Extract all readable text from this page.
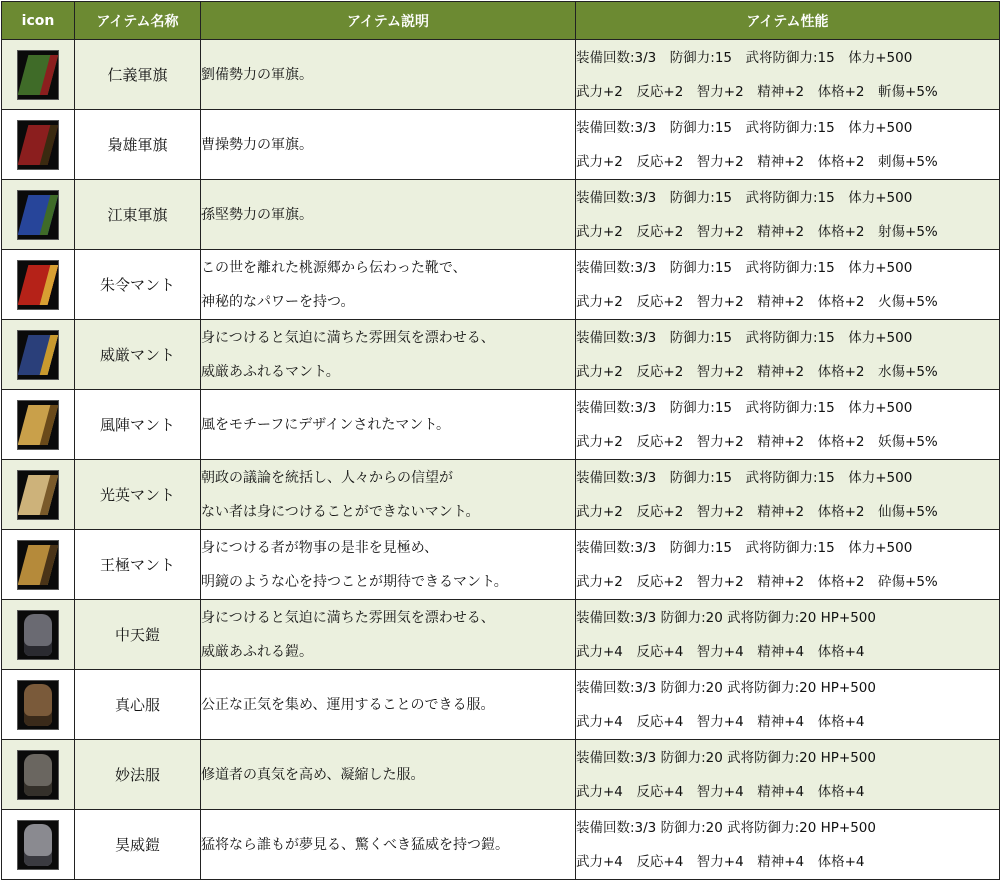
icon	アイテム名称	アイテム説明	アイテム性能
	仁義軍旗	劉備勢力の軍旗。	装備回数:3/3　防御力:15　武将防御力:15　体力+500
武力+2　反応+2　智力+2　精神+2　体格+2　斬傷+5%

	梟雄軍旗	曹操勢力の軍旗。	装備回数:3/3　防御力:15　武将防御力:15　体力+500
武力+2　反応+2　智力+2　精神+2　体格+2　刺傷+5%

	江東軍旗	孫堅勢力の軍旗。	装備回数:3/3　防御力:15　武将防御力:15　体力+500
武力+2　反応+2　智力+2　精神+2　体格+2　射傷+5%

	朱令マント	この世を離れた桃源郷から伝わった靴で、
神秘的なパワーを持つ。	装備回数:3/3　防御力:15　武将防御力:15　体力+500
武力+2　反応+2　智力+2　精神+2　体格+2　火傷+5%

	威厳マント	身につけると気迫に満ちた雰囲気を漂わせる、
威厳あふれるマント。	装備回数:3/3　防御力:15　武将防御力:15　体力+500
武力+2　反応+2　智力+2　精神+2　体格+2　水傷+5%

	風陣マント	風をモチーフにデザインされたマント。	装備回数:3/3　防御力:15　武将防御力:15　体力+500
武力+2　反応+2　智力+2　精神+2　体格+2　妖傷+5%

	光英マント	朝政の議論を統括し、人々からの信望が
ない者は身につけることができないマント。	装備回数:3/3　防御力:15　武将防御力:15　体力+500
武力+2　反応+2　智力+2　精神+2　体格+2　仙傷+5%

	王極マント	身につける者が物事の是非を見極め、
明鏡のような心を持つことが期待できるマント。	装備回数:3/3　防御力:15　武将防御力:15　体力+500
武力+2　反応+2　智力+2　精神+2　体格+2　砕傷+5%

	中天鎧	身につけると気迫に満ちた雰囲気を漂わせる、
威厳あふれる鎧。	装備回数:3/3 防御力:20 武将防御力:20 HP+500
武力+4　反応+4　智力+4　精神+4　体格+4

	真心服	公正な正気を集め、運用することのできる服。	装備回数:3/3 防御力:20 武将防御力:20 HP+500
武力+4　反応+4　智力+4　精神+4　体格+4

	妙法服	修道者の真気を高め、凝縮した服。	装備回数:3/3 防御力:20 武将防御力:20 HP+500
武力+4　反応+4　智力+4　精神+4　体格+4

	昊威鎧	猛将なら誰もが夢見る、驚くべき猛威を持つ鎧。	装備回数:3/3 防御力:20 武将防御力:20 HP+500
武力+4　反応+4　智力+4　精神+4　体格+4
